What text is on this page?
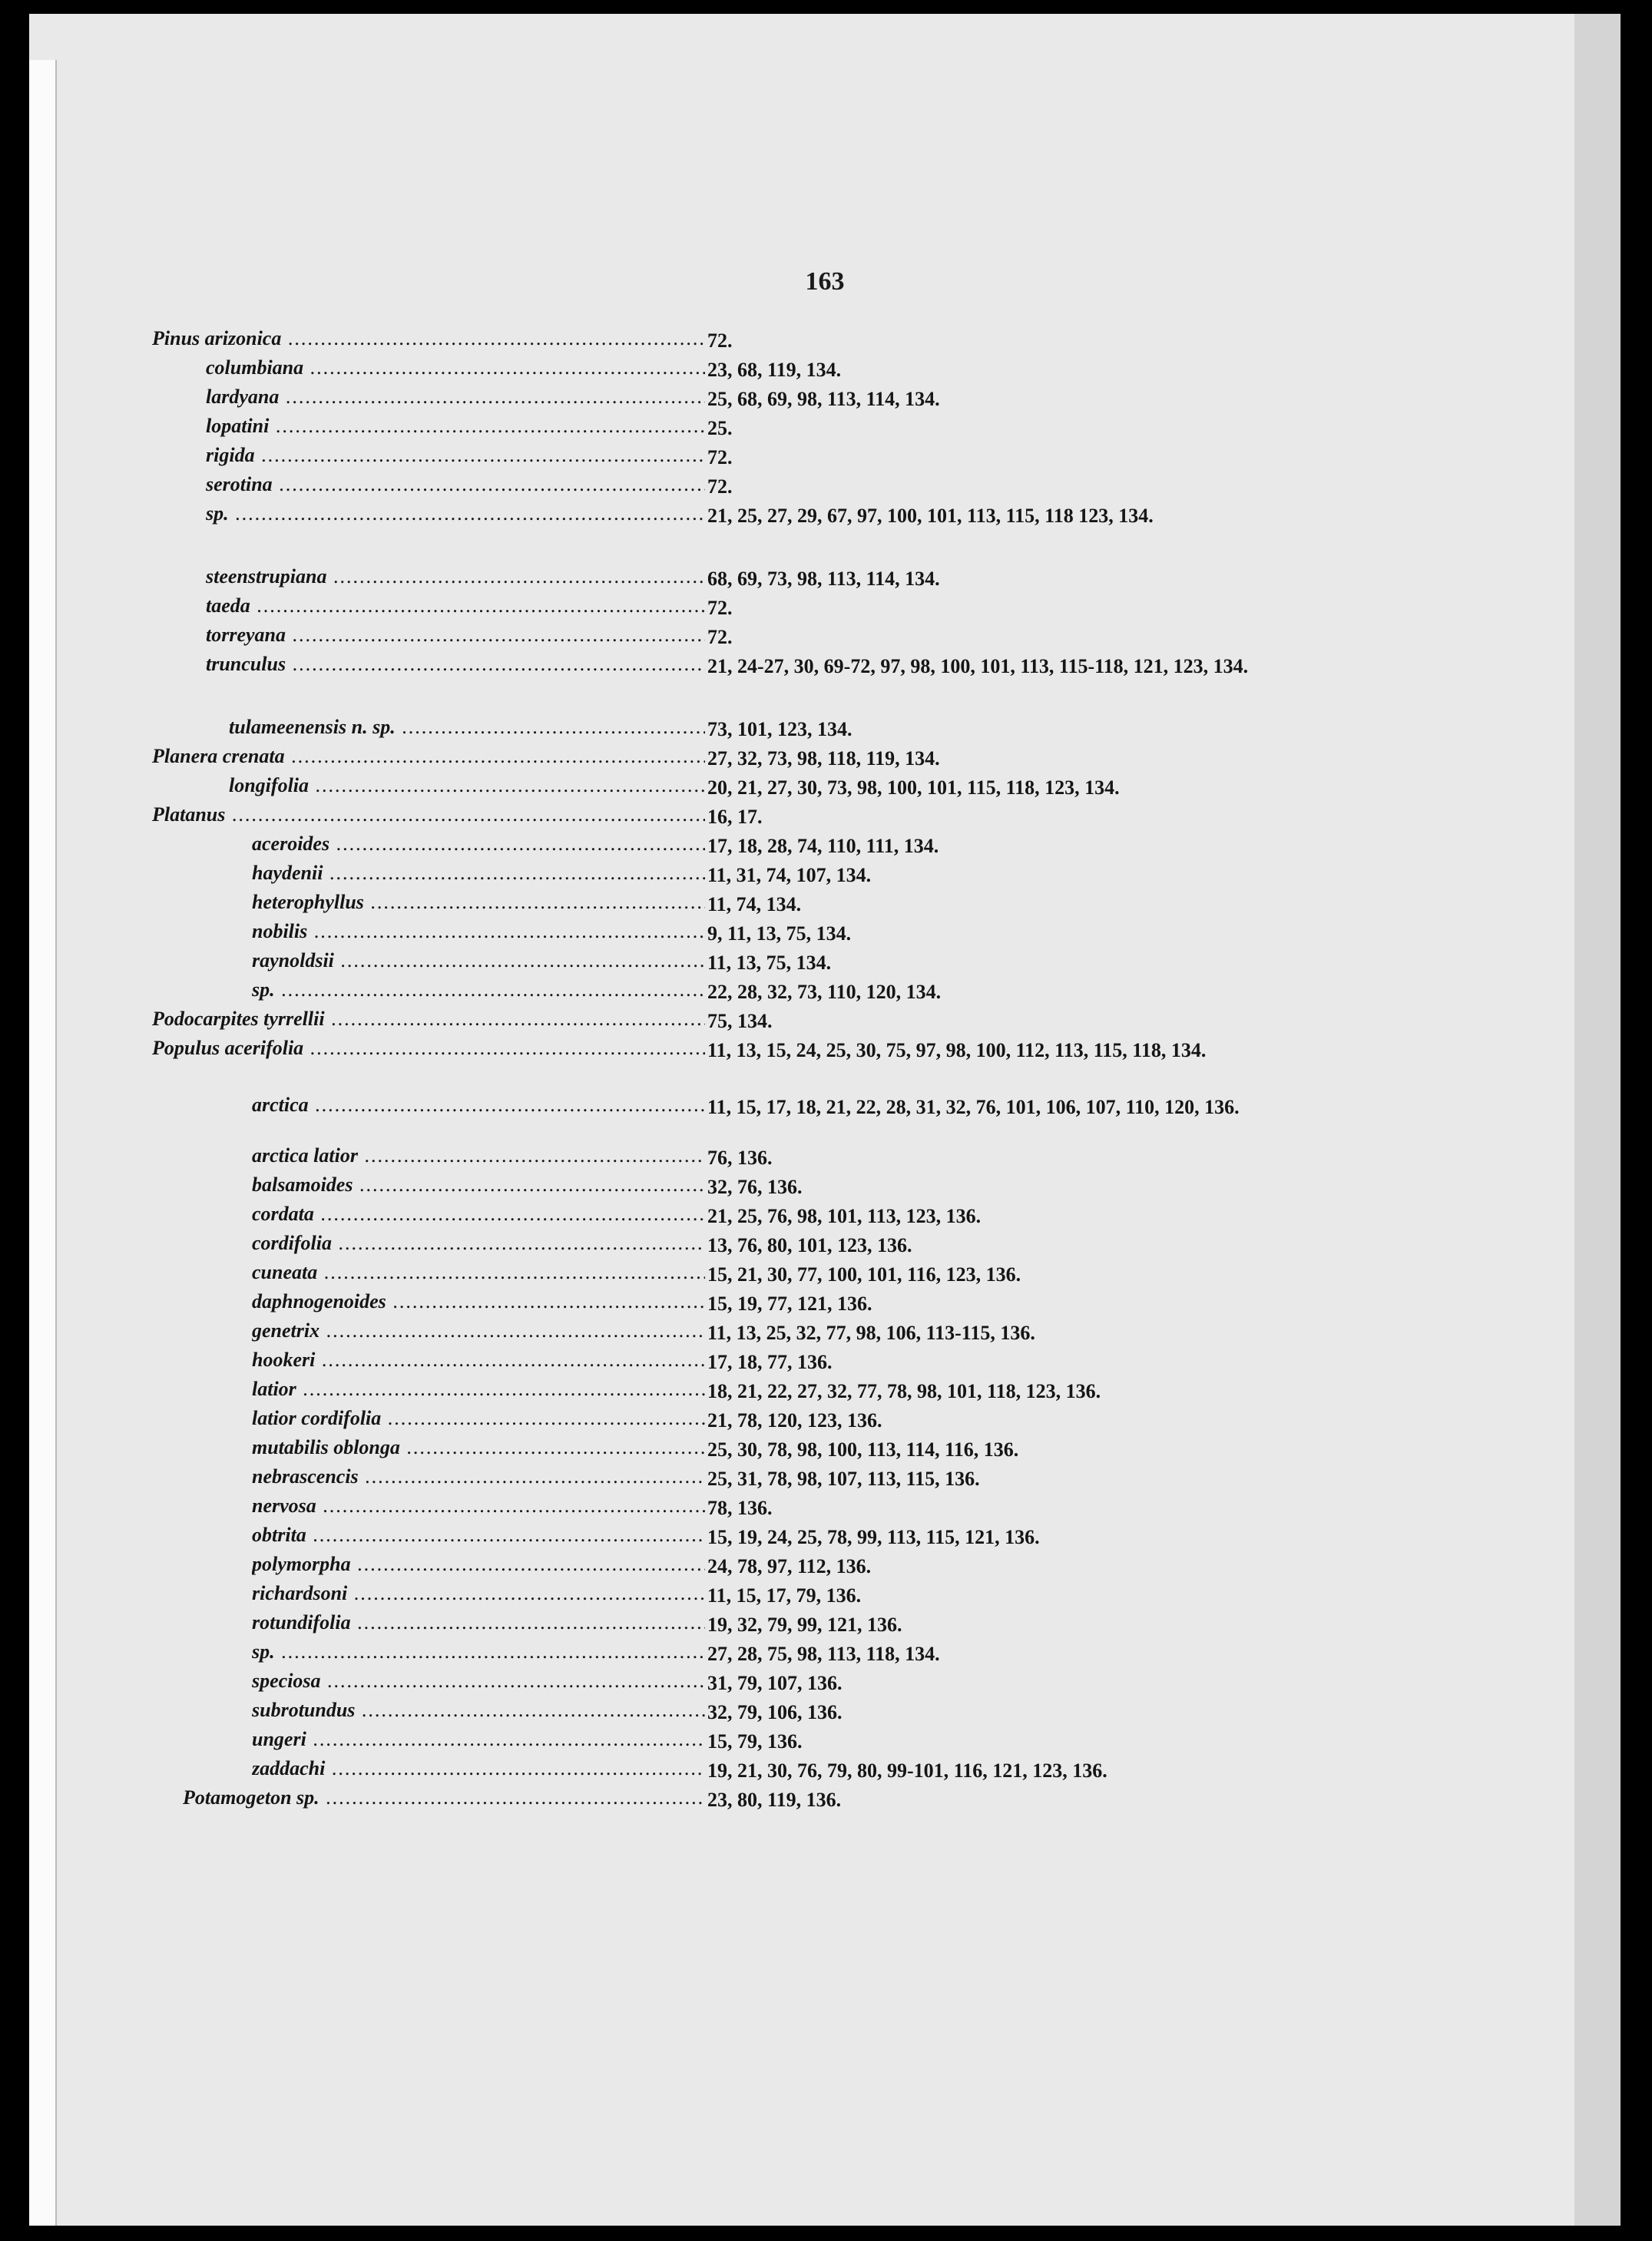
163
Pinus arizonica .....	72.
columbiana .....	23, 68, 119, 134.
lardyana .....	25, 68, 69, 98, 113, 114, 134.
lopatini .....	25.
rigida .....	72.
serotina .....	72.
sp. .....	21, 25, 27, 29, 67, 97, 100, 101, 113, 115, 118 123, 134.
steenstrupiana .....	68, 69, 73, 98, 113, 114, 134.
taeda .....	72.
torreyana .....	72.
trunculus .....	21, 24-27, 30, 69-72, 97, 98, 100, 101, 113, 115-118, 121, 123, 134.
tulameenensis n. sp. .....	73, 101, 123, 134.
Planera crenata .....	27, 32, 73, 98, 118, 119, 134.
longifolia .....	20, 21, 27, 30, 73, 98, 100, 101, 115, 118, 123, 134.
Platanus .....	16, 17.
aceroides .....	17, 18, 28, 74, 110, 111, 134.
haydenii .....	11, 31, 74, 107, 134.
heterophyllus .....	11, 74, 134.
nobilis .....	9, 11, 13, 75, 134.
raynoldsii .....	11, 13, 75, 134.
sp. .....	22, 28, 32, 73, 110, 120, 134.
Podocarpites tyrrellii .....	75, 134.
Populus acerifolia .....	11, 13, 15, 24, 25, 30, 75, 97, 98, 100, 112, 113, 115, 118, 134.
arctica .....	11, 15, 17, 18, 21, 22, 28, 31, 32, 76, 101, 106, 107, 110, 120, 136.
arctica latior .....	76, 136.
balsamoides .....	32, 76, 136.
cordata .....	21, 25, 76, 98, 101, 113, 123, 136.
cordifolia .....	13, 76, 80, 101, 123, 136.
cuneata .....	15, 21, 30, 77, 100, 101, 116, 123, 136.
daphnogenoides .....	15, 19, 77, 121, 136.
genetrix .....	11, 13, 25, 32, 77, 98, 106, 113-115, 136.
hookeri .....	17, 18, 77, 136.
latior .....	18, 21, 22, 27, 32, 77, 78, 98, 101, 118, 123, 136.
latior cordifolia .....	21, 78, 120, 123, 136.
mutabilis oblonga .....	25, 30, 78, 98, 100, 113, 114, 116, 136.
nebrascencis .....	25, 31, 78, 98, 107, 113, 115, 136.
nervosa .....	78, 136.
obtrita .....	15, 19, 24, 25, 78, 99, 113, 115, 121, 136.
polymorpha .....	24, 78, 97, 112, 136.
richardsoni .....	11, 15, 17, 79, 136.
rotundifolia .....	19, 32, 79, 99, 121, 136.
sp. .....	27, 28, 75, 98, 113, 118, 134.
speciosa .....	31, 79, 107, 136.
subrotundus .....	32, 79, 106, 136.
ungeri .....	15, 79, 136.
zaddachi .....	19, 21, 30, 76, 79, 80, 99-101, 116, 121, 123, 136.
Potamogeton sp. .....	23, 80, 119, 136.
